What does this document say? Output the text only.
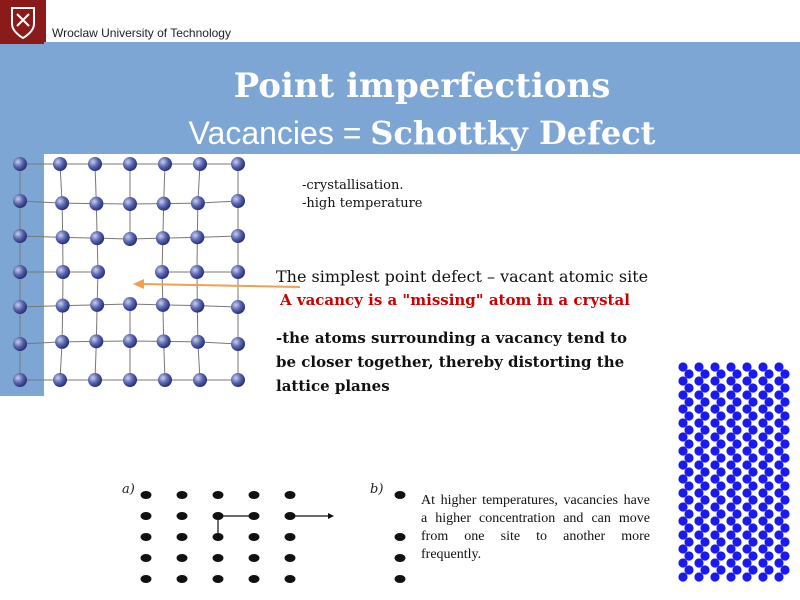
Wroclaw University of Technology
Point imperfections
Vacancies = Schottky Defect
-crystallisation.
-high temperature
The simplest point defect – vacant atomic site
A vacancy is a "missing" atom in a crystal
-the atoms surrounding a vacancy tend to be closer together, thereby distorting the lattice planes
a)	b)
At higher temperatures, vacancies have a higher concentration and can move from one site to another more frequently.
